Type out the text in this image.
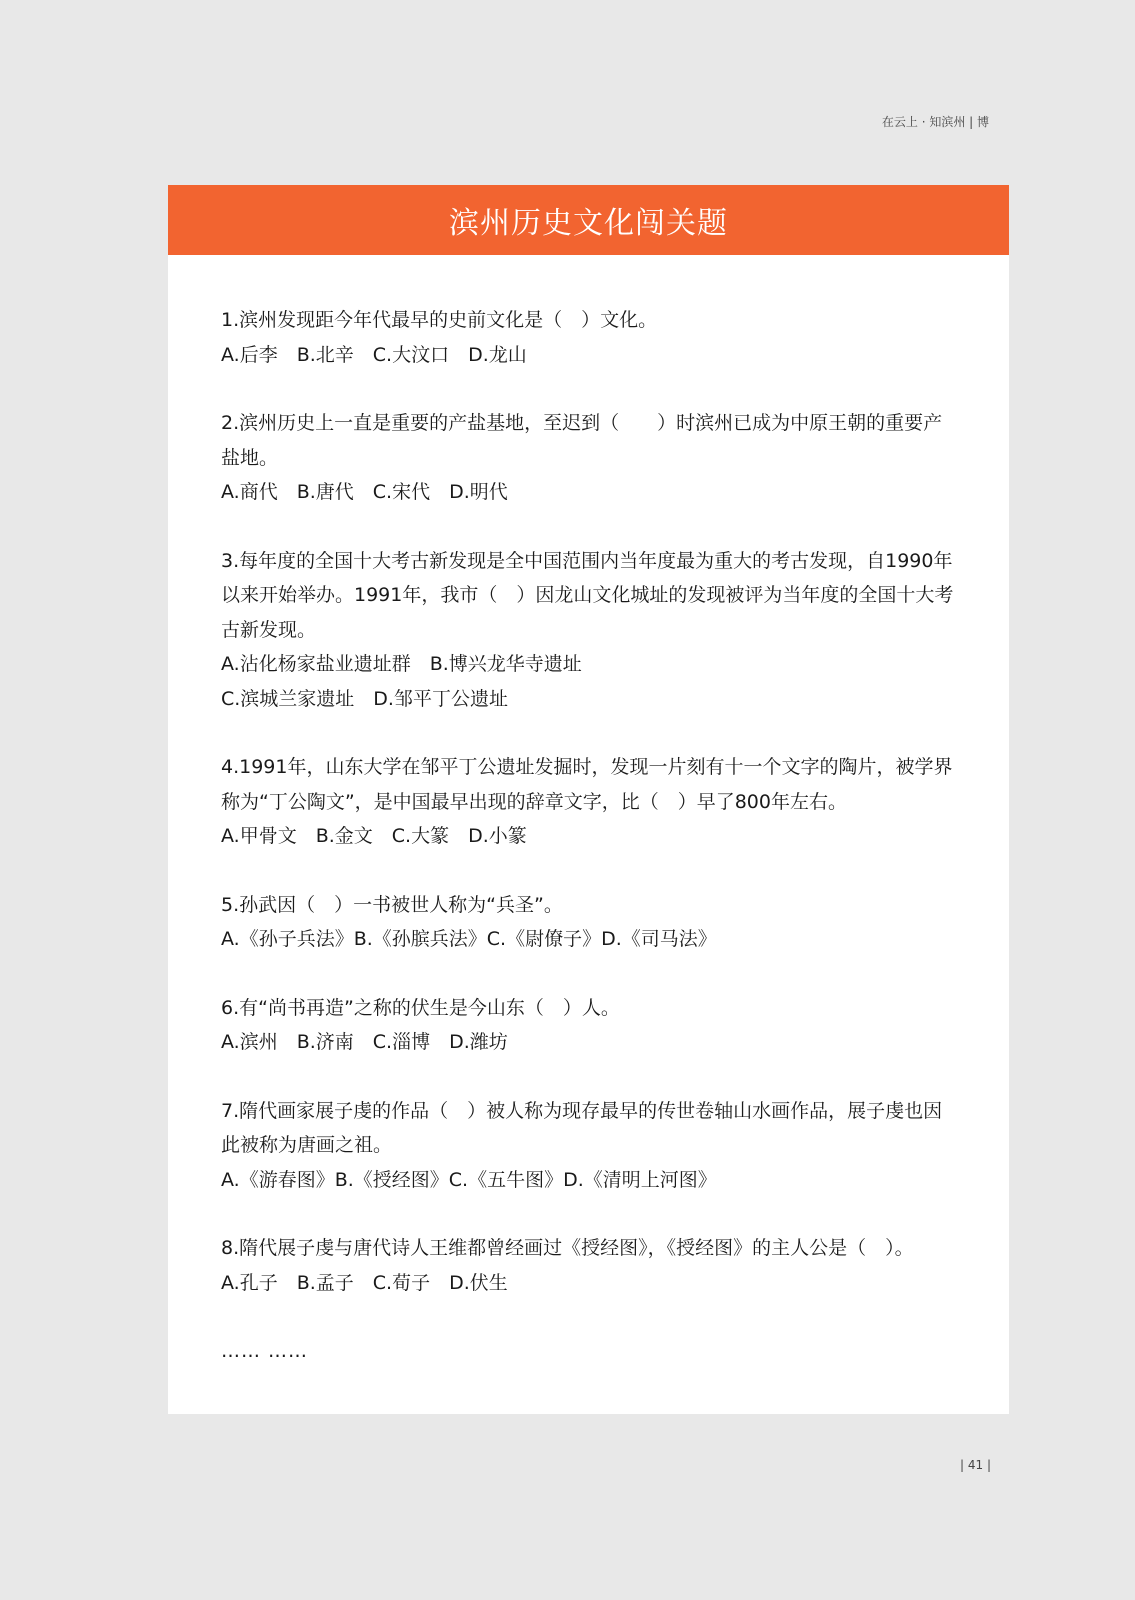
在云上 · 知滨州 | 博
滨州历史文化闯关题
1.滨州发现距今年代最早的史前文化是（　）文化。
A.后李　B.北辛　C.大汶口　D.龙山
2.滨州历史上一直是重要的产盐基地，至迟到（　　）时滨州已成为中原王朝的重要产盐地。
A.商代　B.唐代　C.宋代　D.明代
3.每年度的全国十大考古新发现是全中国范围内当年度最为重大的考古发现，自1990年以来开始举办。1991年，我市（　）因龙山文化城址的发现被评为当年度的全国十大考古新发现。
A.沾化杨家盐业遗址群　B.博兴龙华寺遗址
C.滨城兰家遗址　D.邹平丁公遗址
4.1991年，山东大学在邹平丁公遗址发掘时，发现一片刻有十一个文字的陶片，被学界称为“丁公陶文”，是中国最早出现的辞章文字，比（　）早了800年左右。
A.甲骨文　B.金文　C.大篆　D.小篆
5.孙武因（　）一书被世人称为“兵圣”。
A.《孙子兵法》B.《孙膑兵法》C.《尉僚子》D.《司马法》
6.有“尚书再造”之称的伏生是今山东（　）人。
A.滨州　B.济南　C.淄博　D.潍坊
7.隋代画家展子虔的作品（　）被人称为现存最早的传世卷轴山水画作品，展子虔也因此被称为唐画之祖。
A.《游春图》B.《授经图》C.《五牛图》D.《清明上河图》
8.隋代展子虔与唐代诗人王维都曾经画过《授经图》，《授经图》的主人公是（　）。
A.孔子　B.孟子　C.荀子　D.伏生
…… ……
| 41 |
